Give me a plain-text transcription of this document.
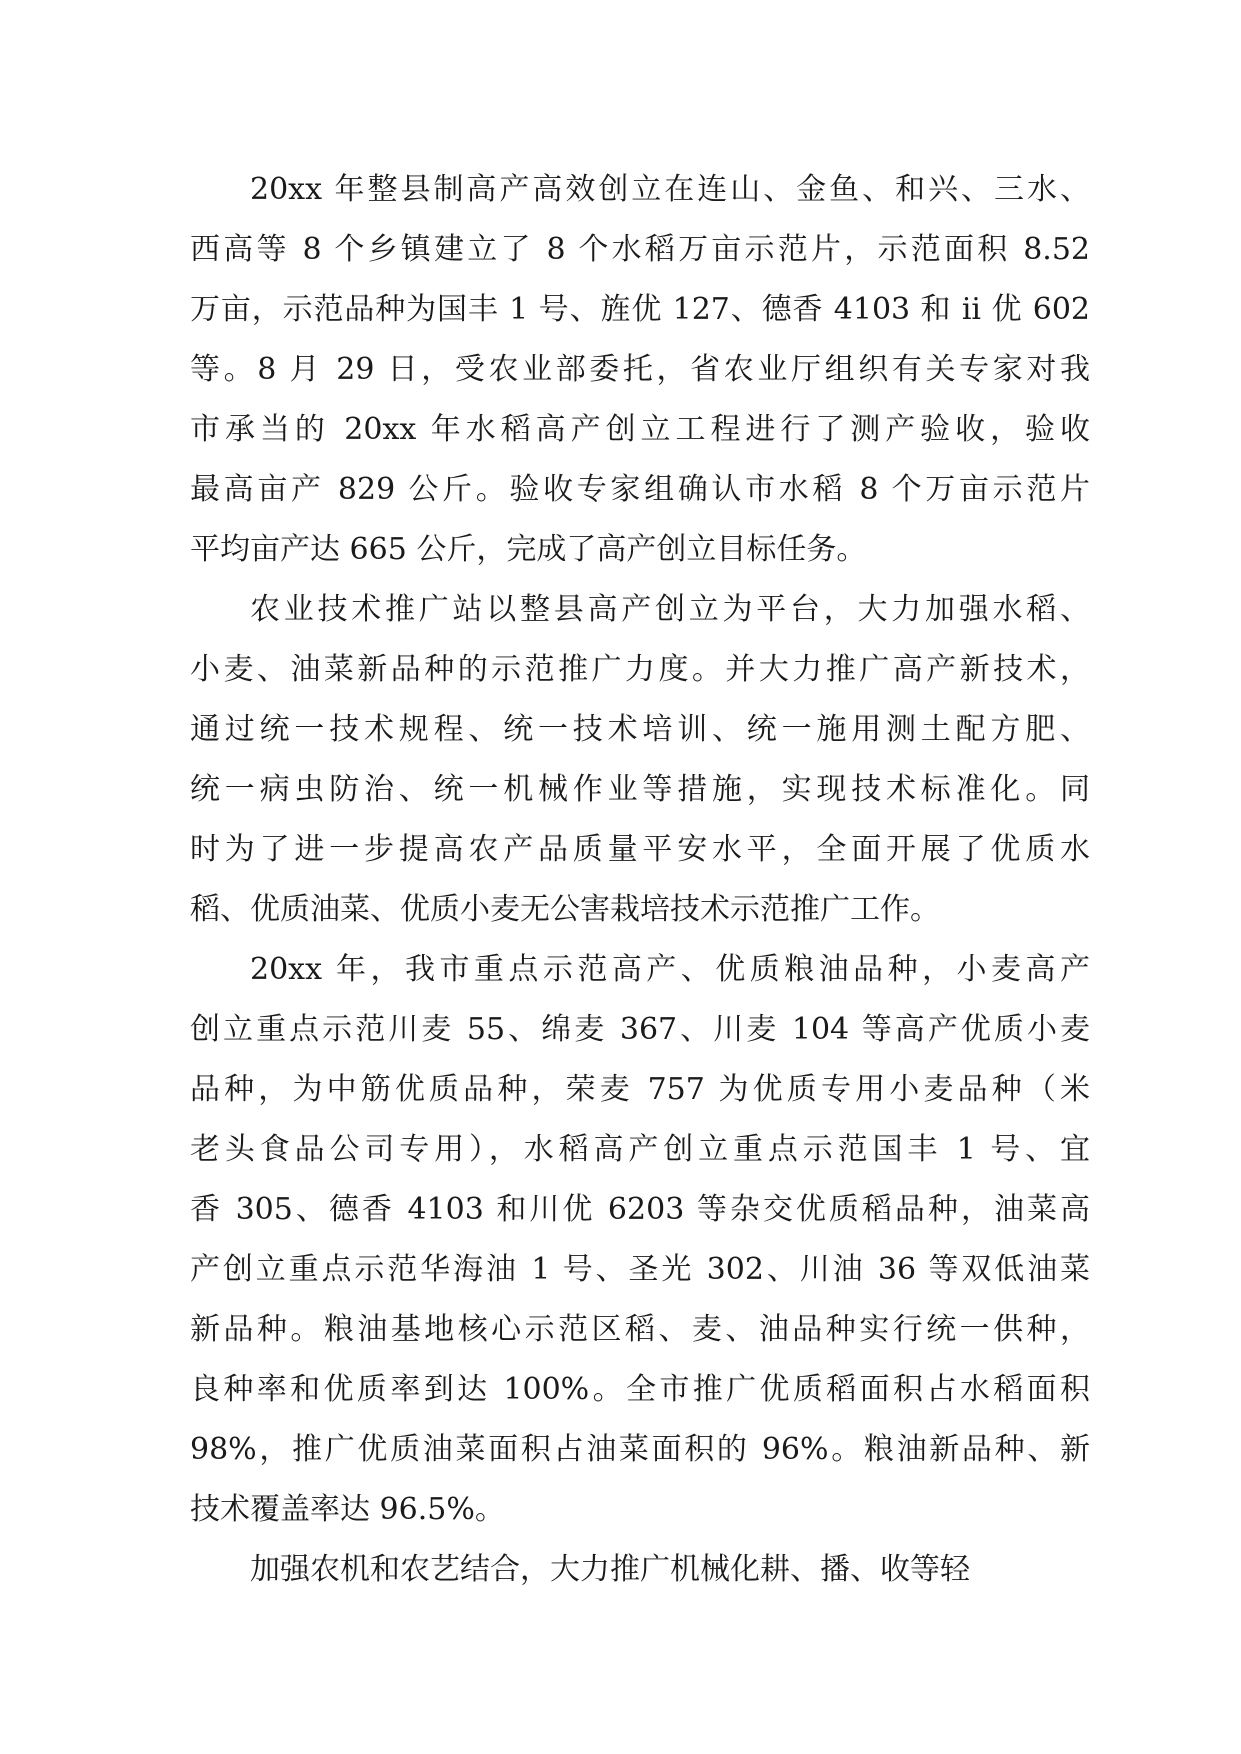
20xx 年整县制高产高效创立在连山、金鱼、和兴、三水、
西高等 8 个乡镇建立了 8 个水稻万亩示范片，示范面积 8.52
万亩，示范品种为国丰 1 号、旌优 127、德香 4103 和 ii 优 602
等。8 月 29 日，受农业部委托，省农业厅组织有关专家对我
市承当的 20xx 年水稻高产创立工程进行了测产验收，验收
最高亩产 829 公斤。验收专家组确认市水稻 8 个万亩示范片
平均亩产达 665 公斤，完成了高产创立目标任务。
农业技术推广站以整县高产创立为平台，大力加强水稻、
小麦、油菜新品种的示范推广力度。并大力推广高产新技术，
通过统一技术规程、统一技术培训、统一施用测土配方肥、
统一病虫防治、统一机械作业等措施，实现技术标准化。同
时为了进一步提高农产品质量平安水平，全面开展了优质水
稻、优质油菜、优质小麦无公害栽培技术示范推广工作。
20xx 年，我市重点示范高产、优质粮油品种，小麦高产
创立重点示范川麦 55、绵麦 367、川麦 104 等高产优质小麦
品种，为中筋优质品种，荣麦 757 为优质专用小麦品种（米
老头食品公司专用），水稻高产创立重点示范国丰 1 号、宜
香 305、德香 4103 和川优 6203 等杂交优质稻品种，油菜高
产创立重点示范华海油 1 号、圣光 302、川油 36 等双低油菜
新品种。粮油基地核心示范区稻、麦、油品种实行统一供种，
良种率和优质率到达 100%。全市推广优质稻面积占水稻面积
98%，推广优质油菜面积占油菜面积的 96%。粮油新品种、新
技术覆盖率达 96.5%。
加强农机和农艺结合，大力推广机械化耕、播、收等轻
